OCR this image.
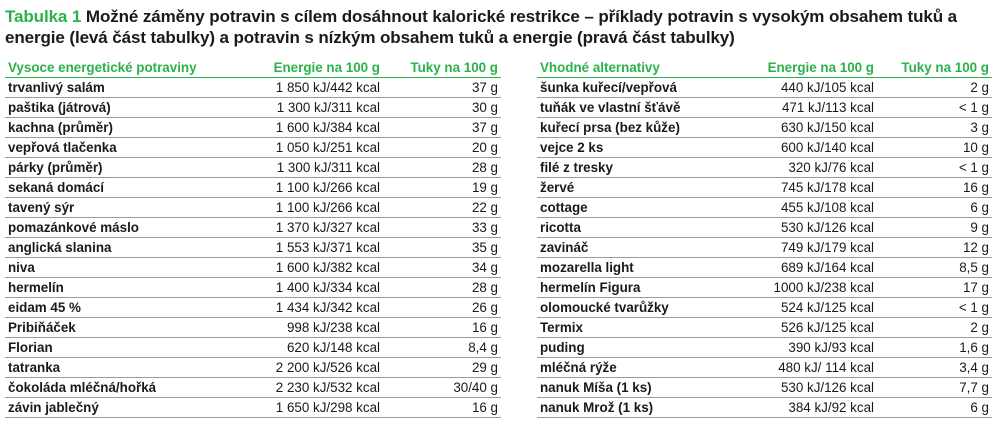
Tabulka 1 Možné záměny potravin s cílem dosáhnout kalorické restrikce – příklady potravin s vysokým obsahem tuků a energie (levá část tabulky) a potravin s nízkým obsahem tuků a energie (pravá část tabulky)
Vysoce energetické potraviny	Energie na 100 g	Tuky na 100 g		Vhodné alternativy	Energie na 100 g	Tuky na 100 g
trvanlivý salám	1 850 kJ/442 kcal	37 g		šunka kuřecí/vepřová	440 kJ/105 kcal	2 g
paštika (játrová)	1 300 kJ/311 kcal	30 g		tuňák ve vlastní šťávě	471 kJ/113 kcal	< 1 g
kachna (průměr)	1 600 kJ/384 kcal	37 g		kuřecí prsa (bez kůže)	630 kJ/150 kcal	3 g
vepřová tlačenka	1 050 kJ/251 kcal	20 g		vejce 2 ks	600 kJ/140 kcal	10 g
párky (průměr)	1 300 kJ/311 kcal	28 g		filé z tresky	320 kJ/76 kcal	< 1 g
sekaná domácí	1 100 kJ/266 kcal	19 g		žervé	745 kJ/178 kcal	16 g
tavený sýr	1 100 kJ/266 kcal	22 g		cottage	455 kJ/108 kcal	6 g
pomazánkové máslo	1 370 kJ/327 kcal	33 g		ricotta	530 kJ/126 kcal	9 g
anglická slanina	1 553 kJ/371 kcal	35 g		zavináč	749 kJ/179 kcal	12 g
niva	1 600 kJ/382 kcal	34 g		mozarella light	689 kJ/164 kcal	8,5 g
hermelín	1 400 kJ/334 kcal	28 g		hermelín Figura	1000 kJ/238 kcal	17 g
eidam 45 %	1 434 kJ/342 kcal	26 g		olomoucké tvarůžky	524 kJ/125 kcal	< 1 g
Pribiňáček	998 kJ/238 kcal	16 g		Termix	526 kJ/125 kcal	2 g
Florian	620 kJ/148 kcal	8,4 g		puding	390 kJ/93 kcal	1,6 g
tatranka	2 200 kJ/526 kcal	29 g		mléčná rýže	480 kJ/ 114 kcal	3,4 g
čokoláda mléčná/hořká	2 230 kJ/532 kcal	30/40 g		nanuk Míša (1 ks)	530 kJ/126 kcal	7,7 g
závin jablečný	1 650 kJ/298 kcal	16 g		nanuk Mrož (1 ks)	384 kJ/92 kcal	6 g
